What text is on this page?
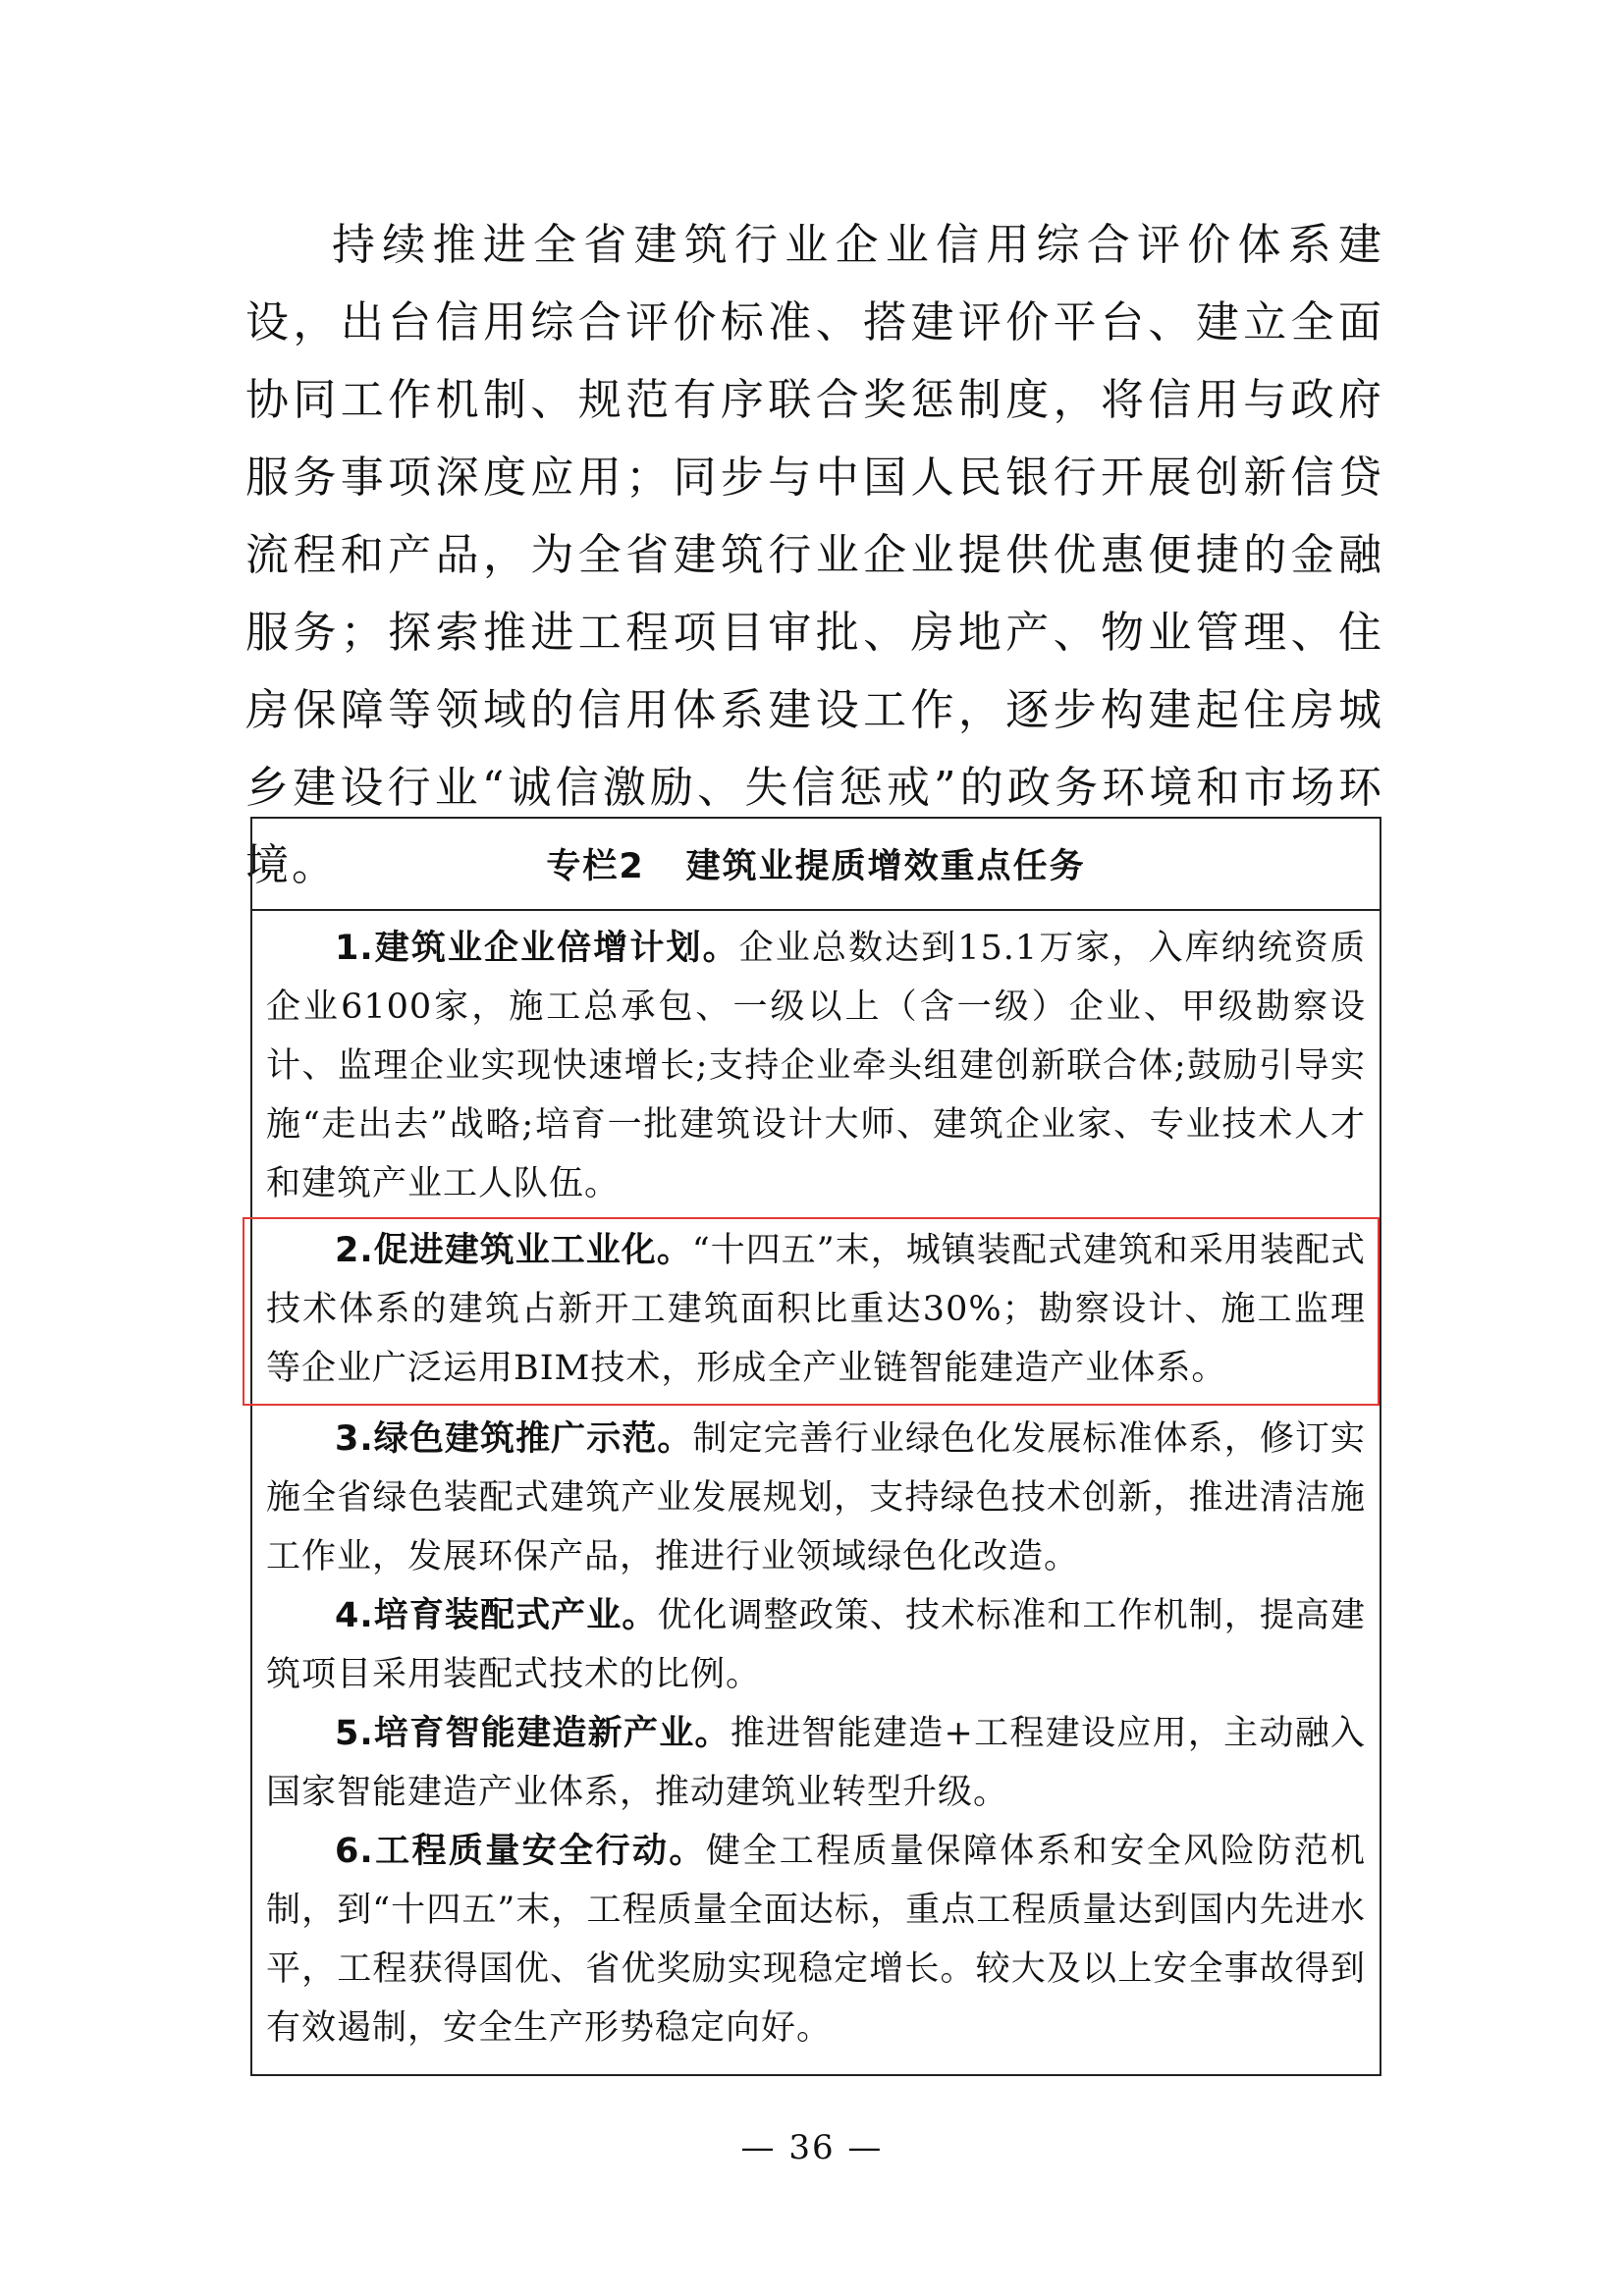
持续推进全省建筑行业企业信用综合评价体系建设，出台信用综合评价标准、搭建评价平台、建立全面协同工作机制、规范有序联合奖惩制度，将信用与政府服务事项深度应用；同步与中国人民银行开展创新信贷流程和产品，为全省建筑行业企业提供优惠便捷的金融服务；探索推进工程项目审批、房地产、物业管理、住房保障等领域的信用体系建设工作，逐步构建起住房城乡建设行业“诚信激励、失信惩戒”的政务环境和市场环境。	专栏2 建筑业提质增效重点任务

1.建筑业企业倍增计划。企业总数达到15.1万家，入库纳统资质企业6100家，施工总承包、一级以上（含一级）企业、甲级勘察设计、监理企业实现快速增长;支持企业牵头组建创新联合体;鼓励引导实施“走出去”战略;培育一批建筑设计大师、建筑企业家、专业技术人才和建筑产业工人队伍。

2.促进建筑业工业化。“十四五”末，城镇装配式建筑和采用装配式技术体系的建筑占新开工建筑面积比重达30%；勘察设计、施工监理等企业广泛运用BIM技术，形成全产业链智能建造产业体系。

3.绿色建筑推广示范。制定完善行业绿色化发展标准体系，修订实施全省绿色装配式建筑产业发展规划，支持绿色技术创新，推进清洁施工作业，发展环保产品，推进行业领域绿色化改造。

4.培育装配式产业。优化调整政策、技术标准和工作机制，提高建筑项目采用装配式技术的比例。

5.培育智能建造新产业。推进智能建造+工程建设应用，主动融入国家智能建造产业体系，推动建筑业转型升级。

6.工程质量安全行动。健全工程质量保障体系和安全风险防范机制，到“十四五”末，工程质量全面达标，重点工程质量达到国内先进水平，工程获得国优、省优奖励实现稳定增长。较大及以上安全事故得到有效遏制，安全生产形势稳定向好。

— 36 —
